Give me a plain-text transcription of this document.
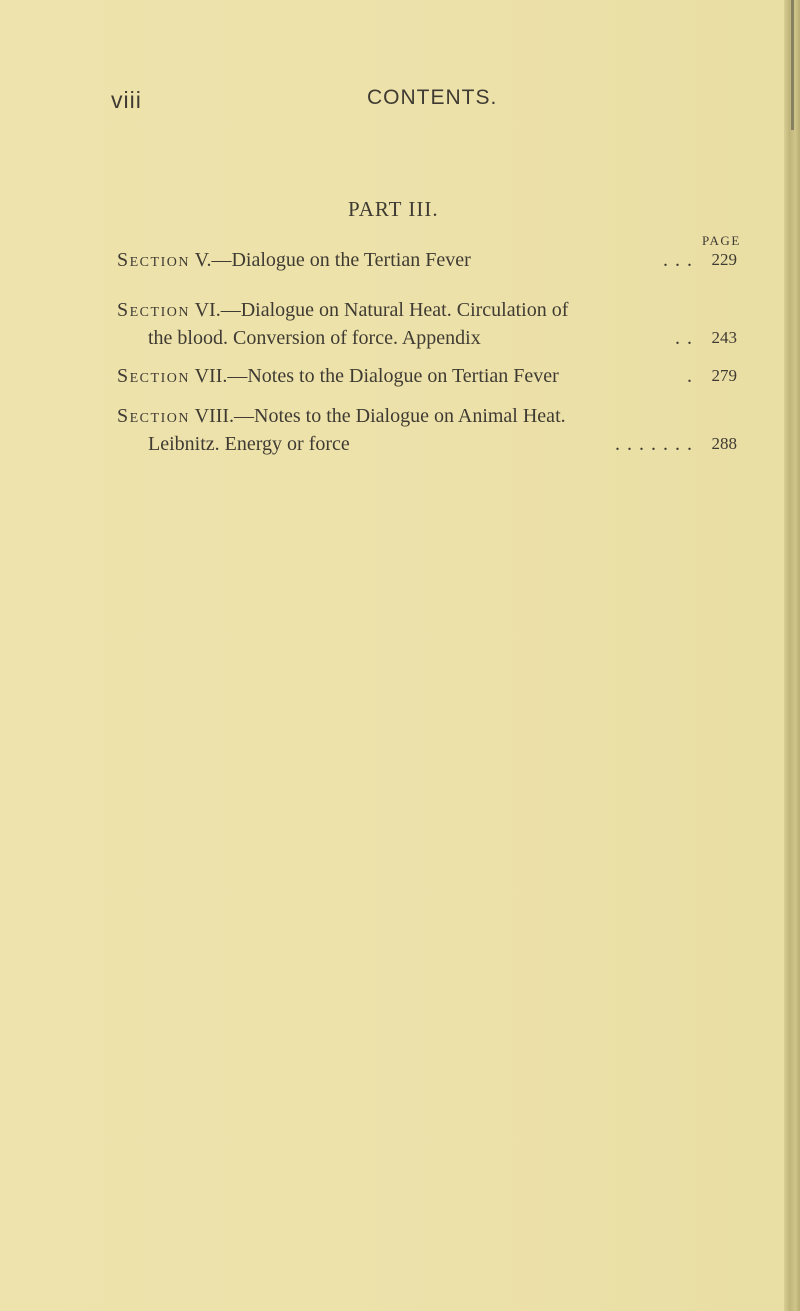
viii	CONTENTS.
PART III.
PAGE
Section V.—Dialogue on the Tertian Fever	. . .	229
Section VI.—Dialogue on Natural Heat. Circulation of
the blood. Conversion of force. Appendix	. .	243
Section VII.—Notes to the Dialogue on Tertian Fever	.	279
Section VIII.—Notes to the Dialogue on Animal Heat.
Leibnitz. Energy or force	. . . . . . .	288
